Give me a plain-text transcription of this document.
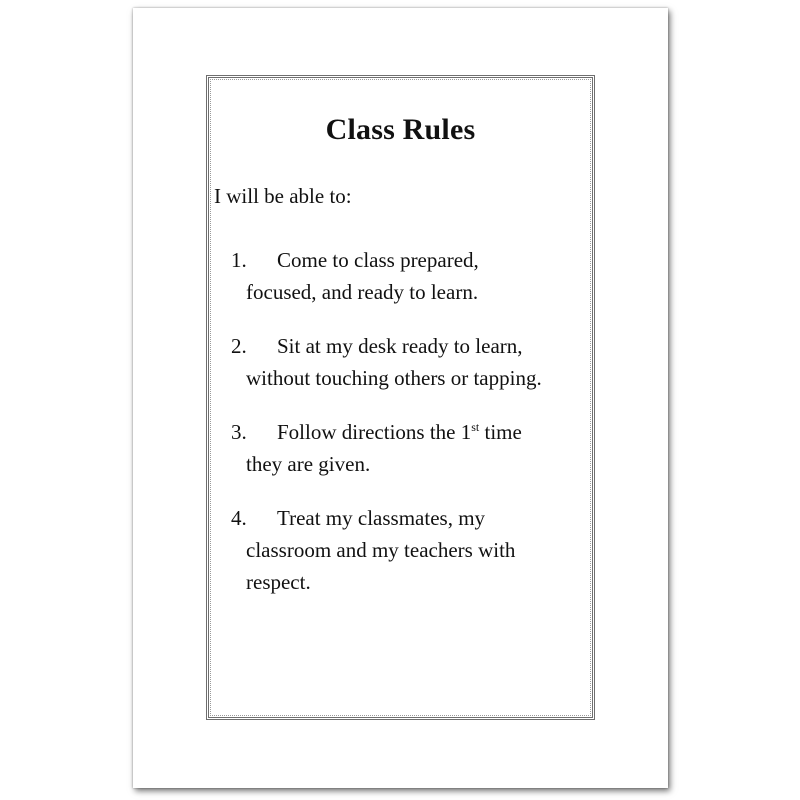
Class Rules
I will be able to:
1.	Come to class prepared,
focused, and ready to learn.
2.	Sit at my desk ready to learn,
without touching others or tapping.
3.	Follow directions the 1st time
they are given.
4.	Treat my classmates, my
classroom and my teachers with
respect.
